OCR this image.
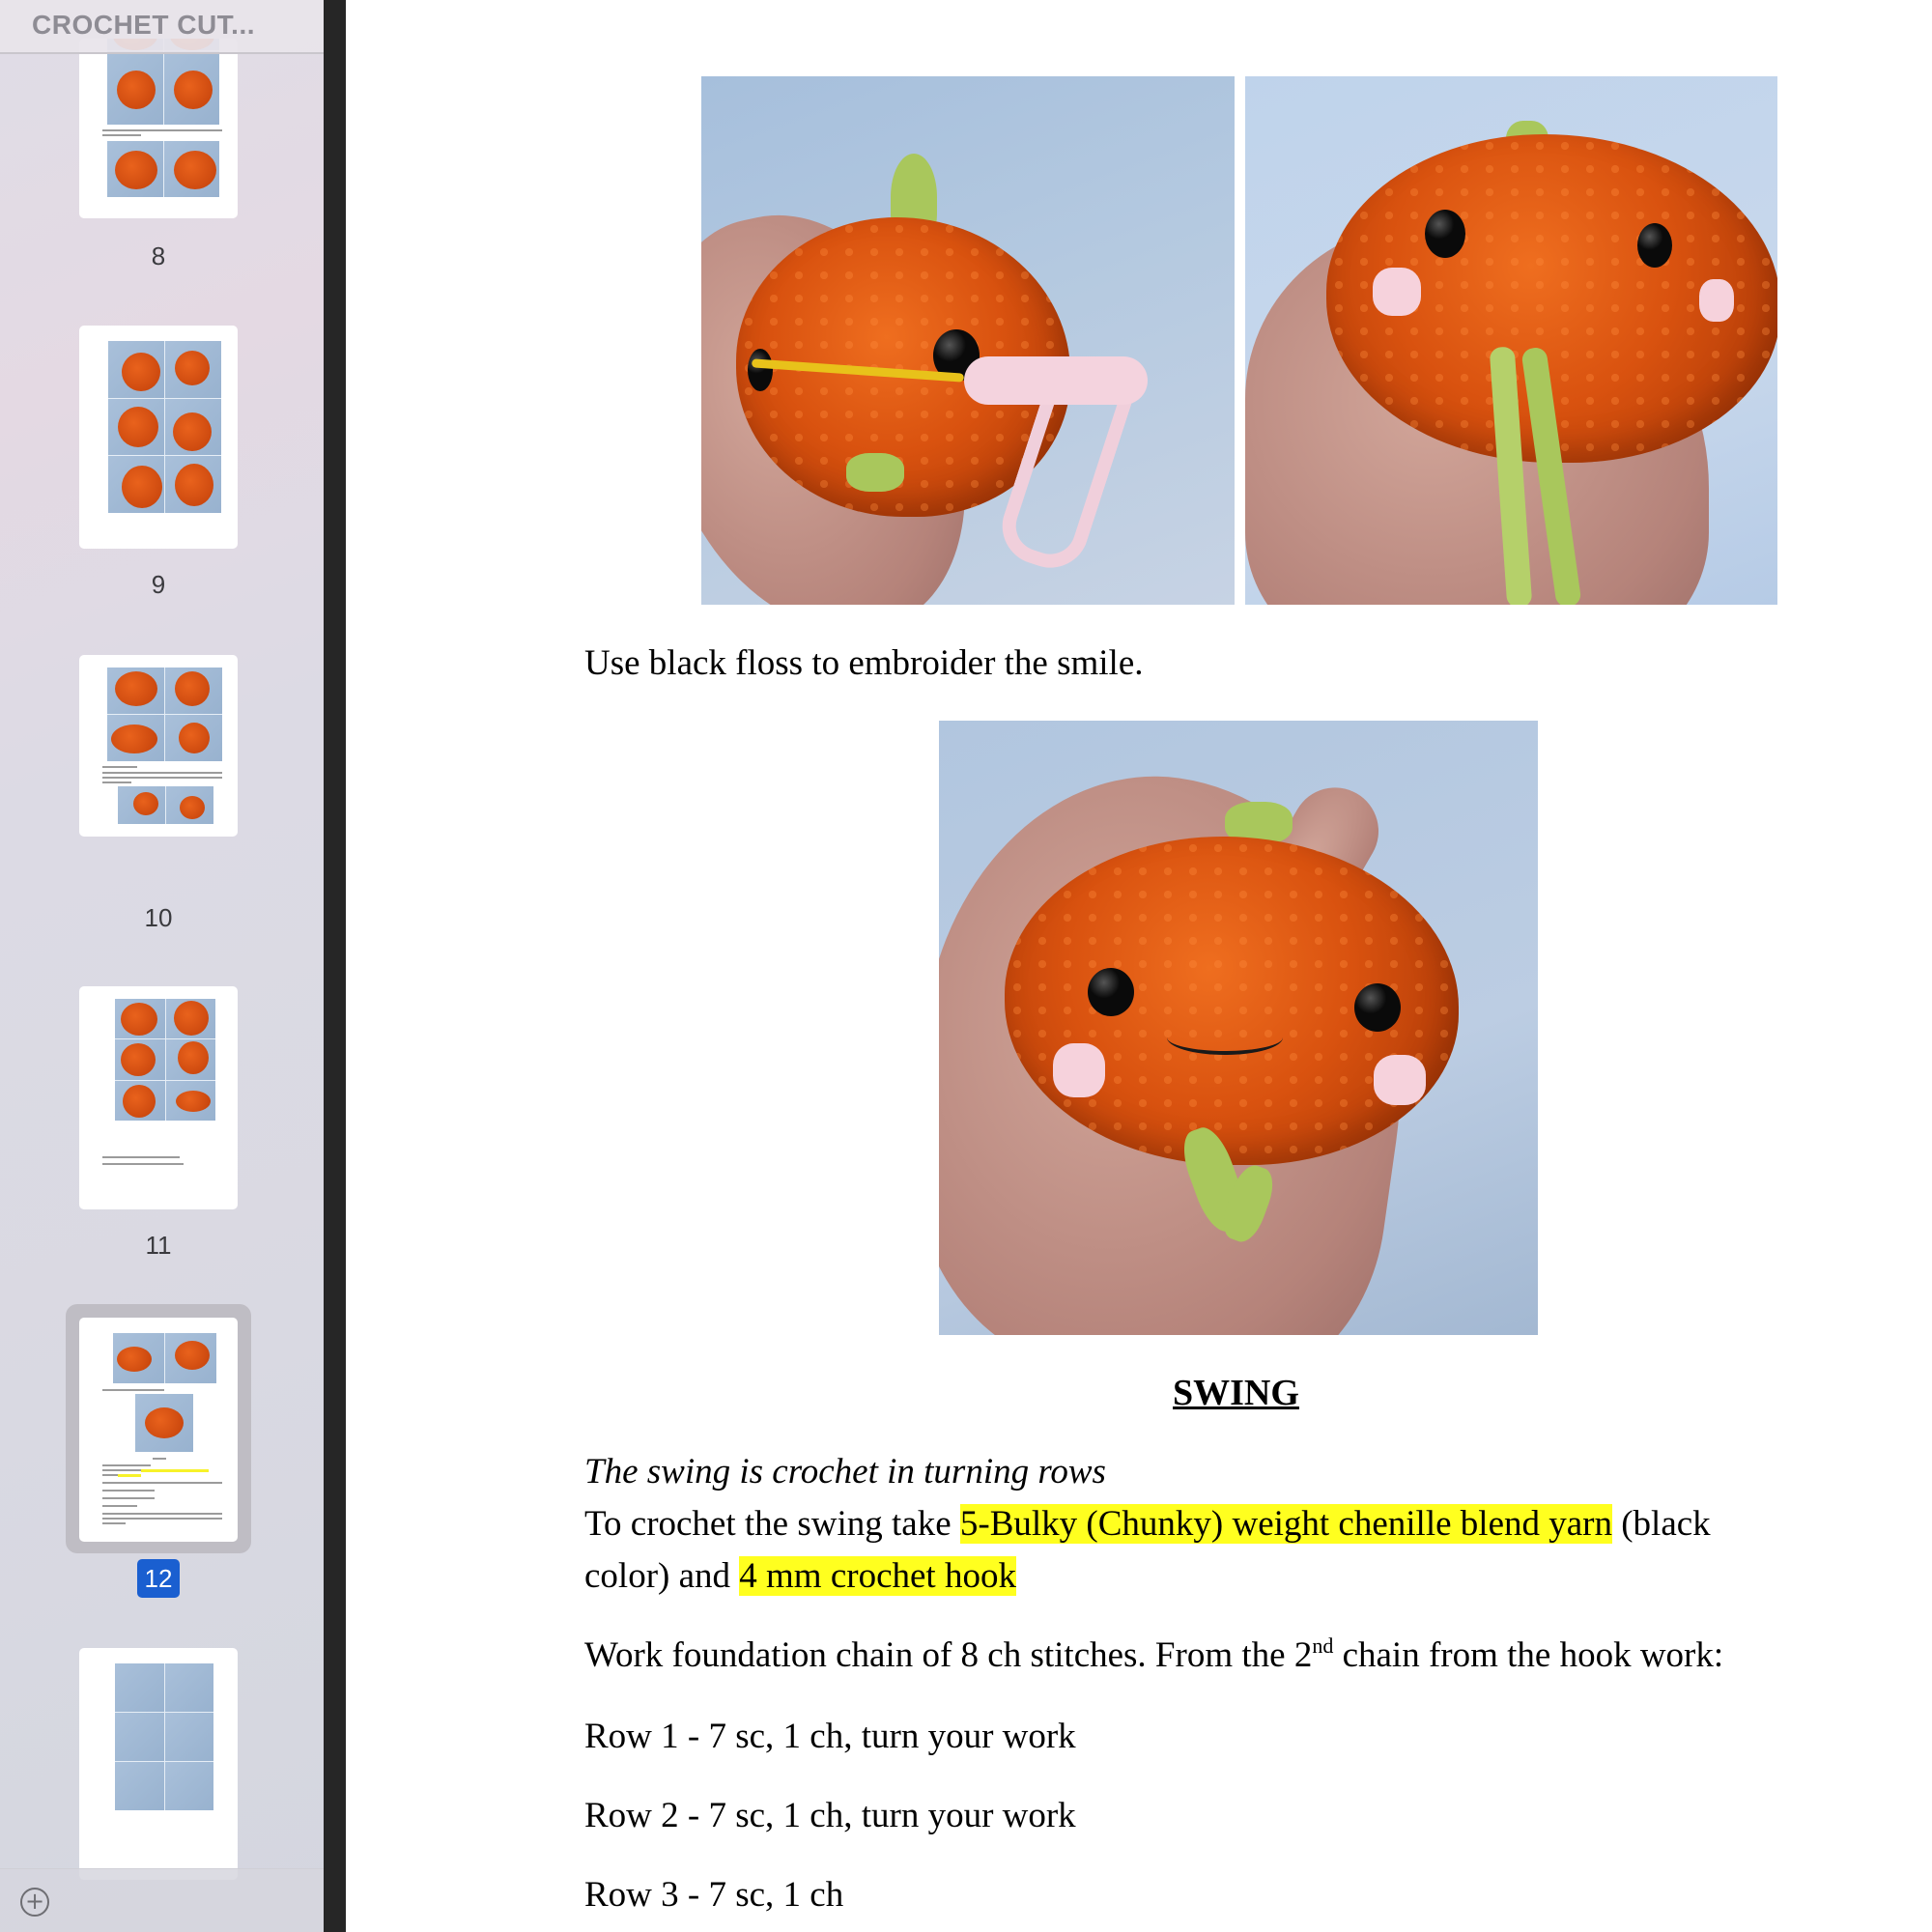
8
9
10
11
12
CROCHET CUT...
+
Use black floss to embroider the smile.
SWING
The swing is crochet in turning rows
To crochet the swing take 5-Bulky (Chunky) weight chenille blend yarn (black
color) and 4 mm crochet hook
Work foundation chain of 8 ch stitches. From the 2nd chain from the hook work:
Row 1 - 7 sc, 1 ch, turn your work
Row 2 - 7 sc, 1 ch, turn your work
Row 3 - 7 sc, 1 ch
